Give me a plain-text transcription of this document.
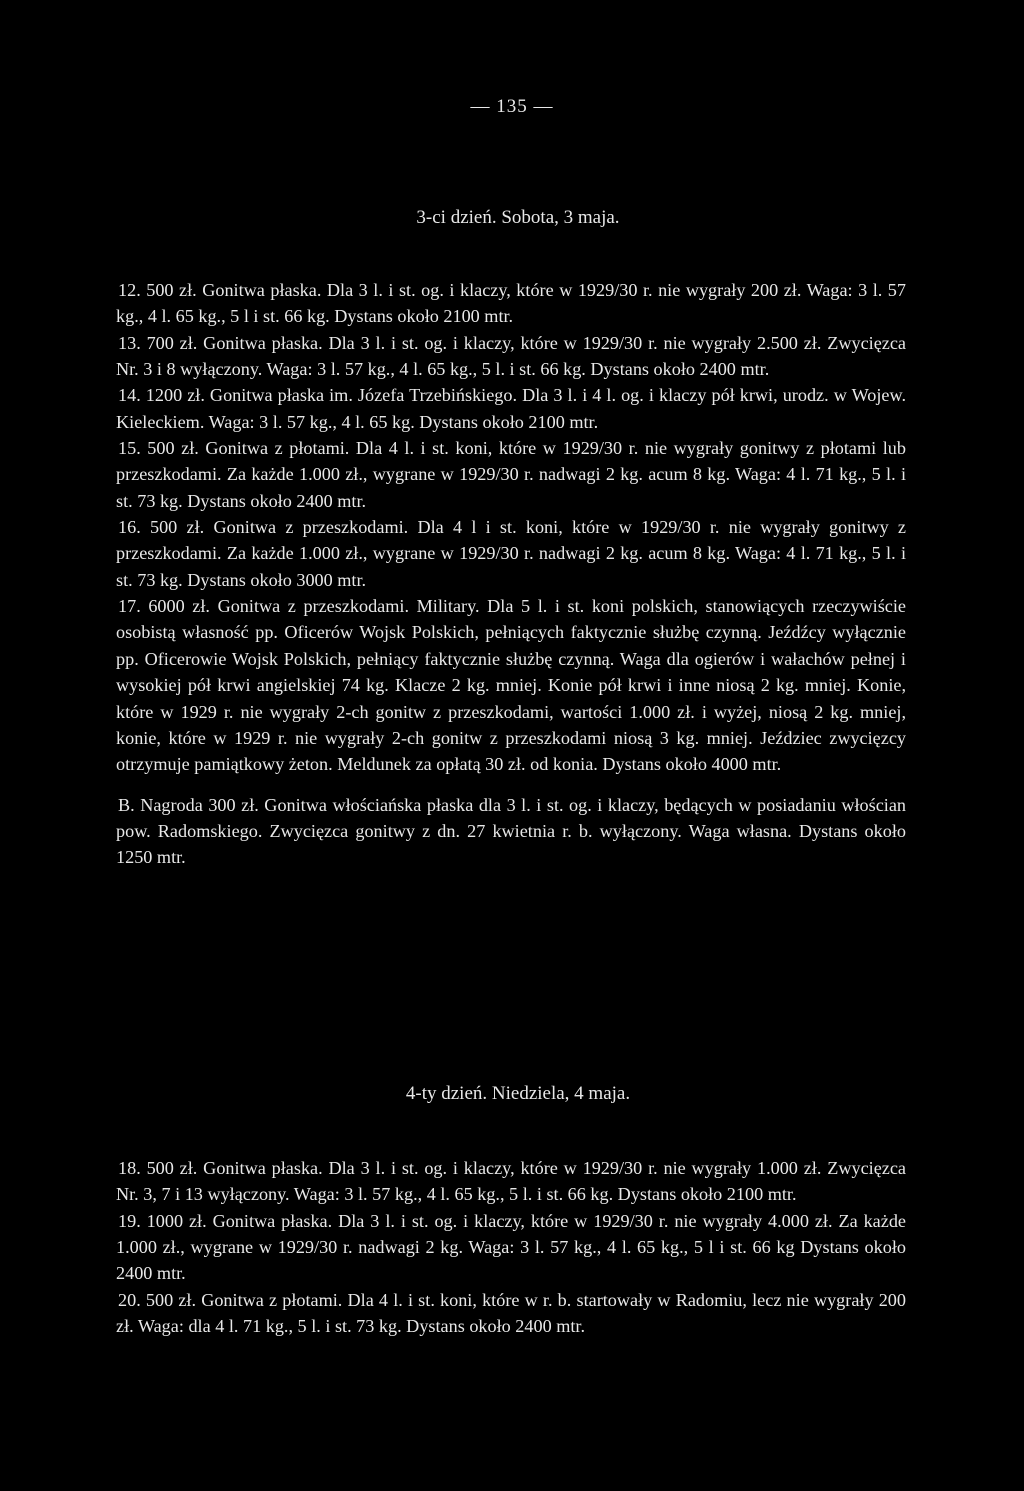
— 135 —
3-ci dzień. Sobota, 3 maja.

12. 500 zł. Gonitwa płaska. Dla 3 l. i st. og. i klaczy, które w 1929/30 r. nie wygrały 200 zł. Waga: 3 l. 57 kg., 4 l. 65 kg., 5 l i st. 66 kg. Dystans około 2100 mtr.

13. 700 zł. Gonitwa płaska. Dla 3 l. i st. og. i klaczy, które w 1929/30 r. nie wygrały 2.500 zł. Zwycięzca Nr. 3 i 8 wyłączony. Waga: 3 l. 57 kg., 4 l. 65 kg., 5 l. i st. 66 kg. Dystans około 2400 mtr.

14. 1200 zł. Gonitwa płaska im. Józefa Trzebińskiego. Dla 3 l. i 4 l. og. i klaczy pół krwi, urodz. w Wojew. Kieleckiem. Waga: 3 l. 57 kg., 4 l. 65 kg. Dystans około 2100 mtr.

15. 500 zł. Gonitwa z płotami. Dla 4 l. i st. koni, które w 1929/30 r. nie wygrały gonitwy z płotami lub przeszkodami. Za każde 1.000 zł., wygrane w 1929/30 r. nadwagi 2 kg. acum 8 kg. Waga: 4 l. 71 kg., 5 l. i st. 73 kg. Dystans około 2400 mtr.

16. 500 zł. Gonitwa z przeszkodami. Dla 4 l i st. koni, które w 1929/30 r. nie wygrały gonitwy z przeszkodami. Za każde 1.000 zł., wygrane w 1929/30 r. nadwagi 2 kg. acum 8 kg. Waga: 4 l. 71 kg., 5 l. i st. 73 kg. Dystans około 3000 mtr.

17. 6000 zł. Gonitwa z przeszkodami. Military. Dla 5 l. i st. koni polskich, stanowiących rzeczywiście osobistą własność pp. Oficerów Wojsk Polskich, pełniących faktycznie służbę czynną. Jeźdźcy wyłącznie pp. Oficerowie Wojsk Polskich, pełniący faktycznie służbę czynną. Waga dla ogierów i wałachów pełnej i wysokiej pół krwi angielskiej 74 kg. Klacze 2 kg. mniej. Konie pół krwi i inne niosą 2 kg. mniej. Konie, które w 1929 r. nie wygrały 2-ch gonitw z przeszkodami, wartości 1.000 zł. i wyżej, niosą 2 kg. mniej, konie, które w 1929 r. nie wygrały 2-ch gonitw z przeszkodami niosą 3 kg. mniej. Jeździec zwycięzcy otrzymuje pamiątkowy żeton. Meldunek za opłatą 30 zł. od konia. Dystans około 4000 mtr.

B. Nagroda 300 zł. Gonitwa włościańska płaska dla 3 l. i st. og. i klaczy, będących w posiadaniu włościan pow. Radomskiego. Zwycięzca gonitwy z dn. 27 kwietnia r. b. wyłączony. Waga własna. Dystans około 1250 mtr.

4-ty dzień. Niedziela, 4 maja.

18. 500 zł. Gonitwa płaska. Dla 3 l. i st. og. i klaczy, które w 1929/30 r. nie wygrały 1.000 zł. Zwycięzca Nr. 3, 7 i 13 wyłączony. Waga: 3 l. 57 kg., 4 l. 65 kg., 5 l. i st. 66 kg. Dystans około 2100 mtr.

19. 1000 zł. Gonitwa płaska. Dla 3 l. i st. og. i klaczy, które w 1929/30 r. nie wygrały 4.000 zł. Za każde 1.000 zł., wygrane w 1929/30 r. nadwagi 2 kg. Waga: 3 l. 57 kg., 4 l. 65 kg., 5 l i st. 66 kg Dystans około 2400 mtr.

20. 500 zł. Gonitwa z płotami. Dla 4 l. i st. koni, które w r. b. startowały w Radomiu, lecz nie wygrały 200 zł. Waga: dla 4 l. 71 kg., 5 l. i st. 73 kg. Dystans około 2400 mtr.
